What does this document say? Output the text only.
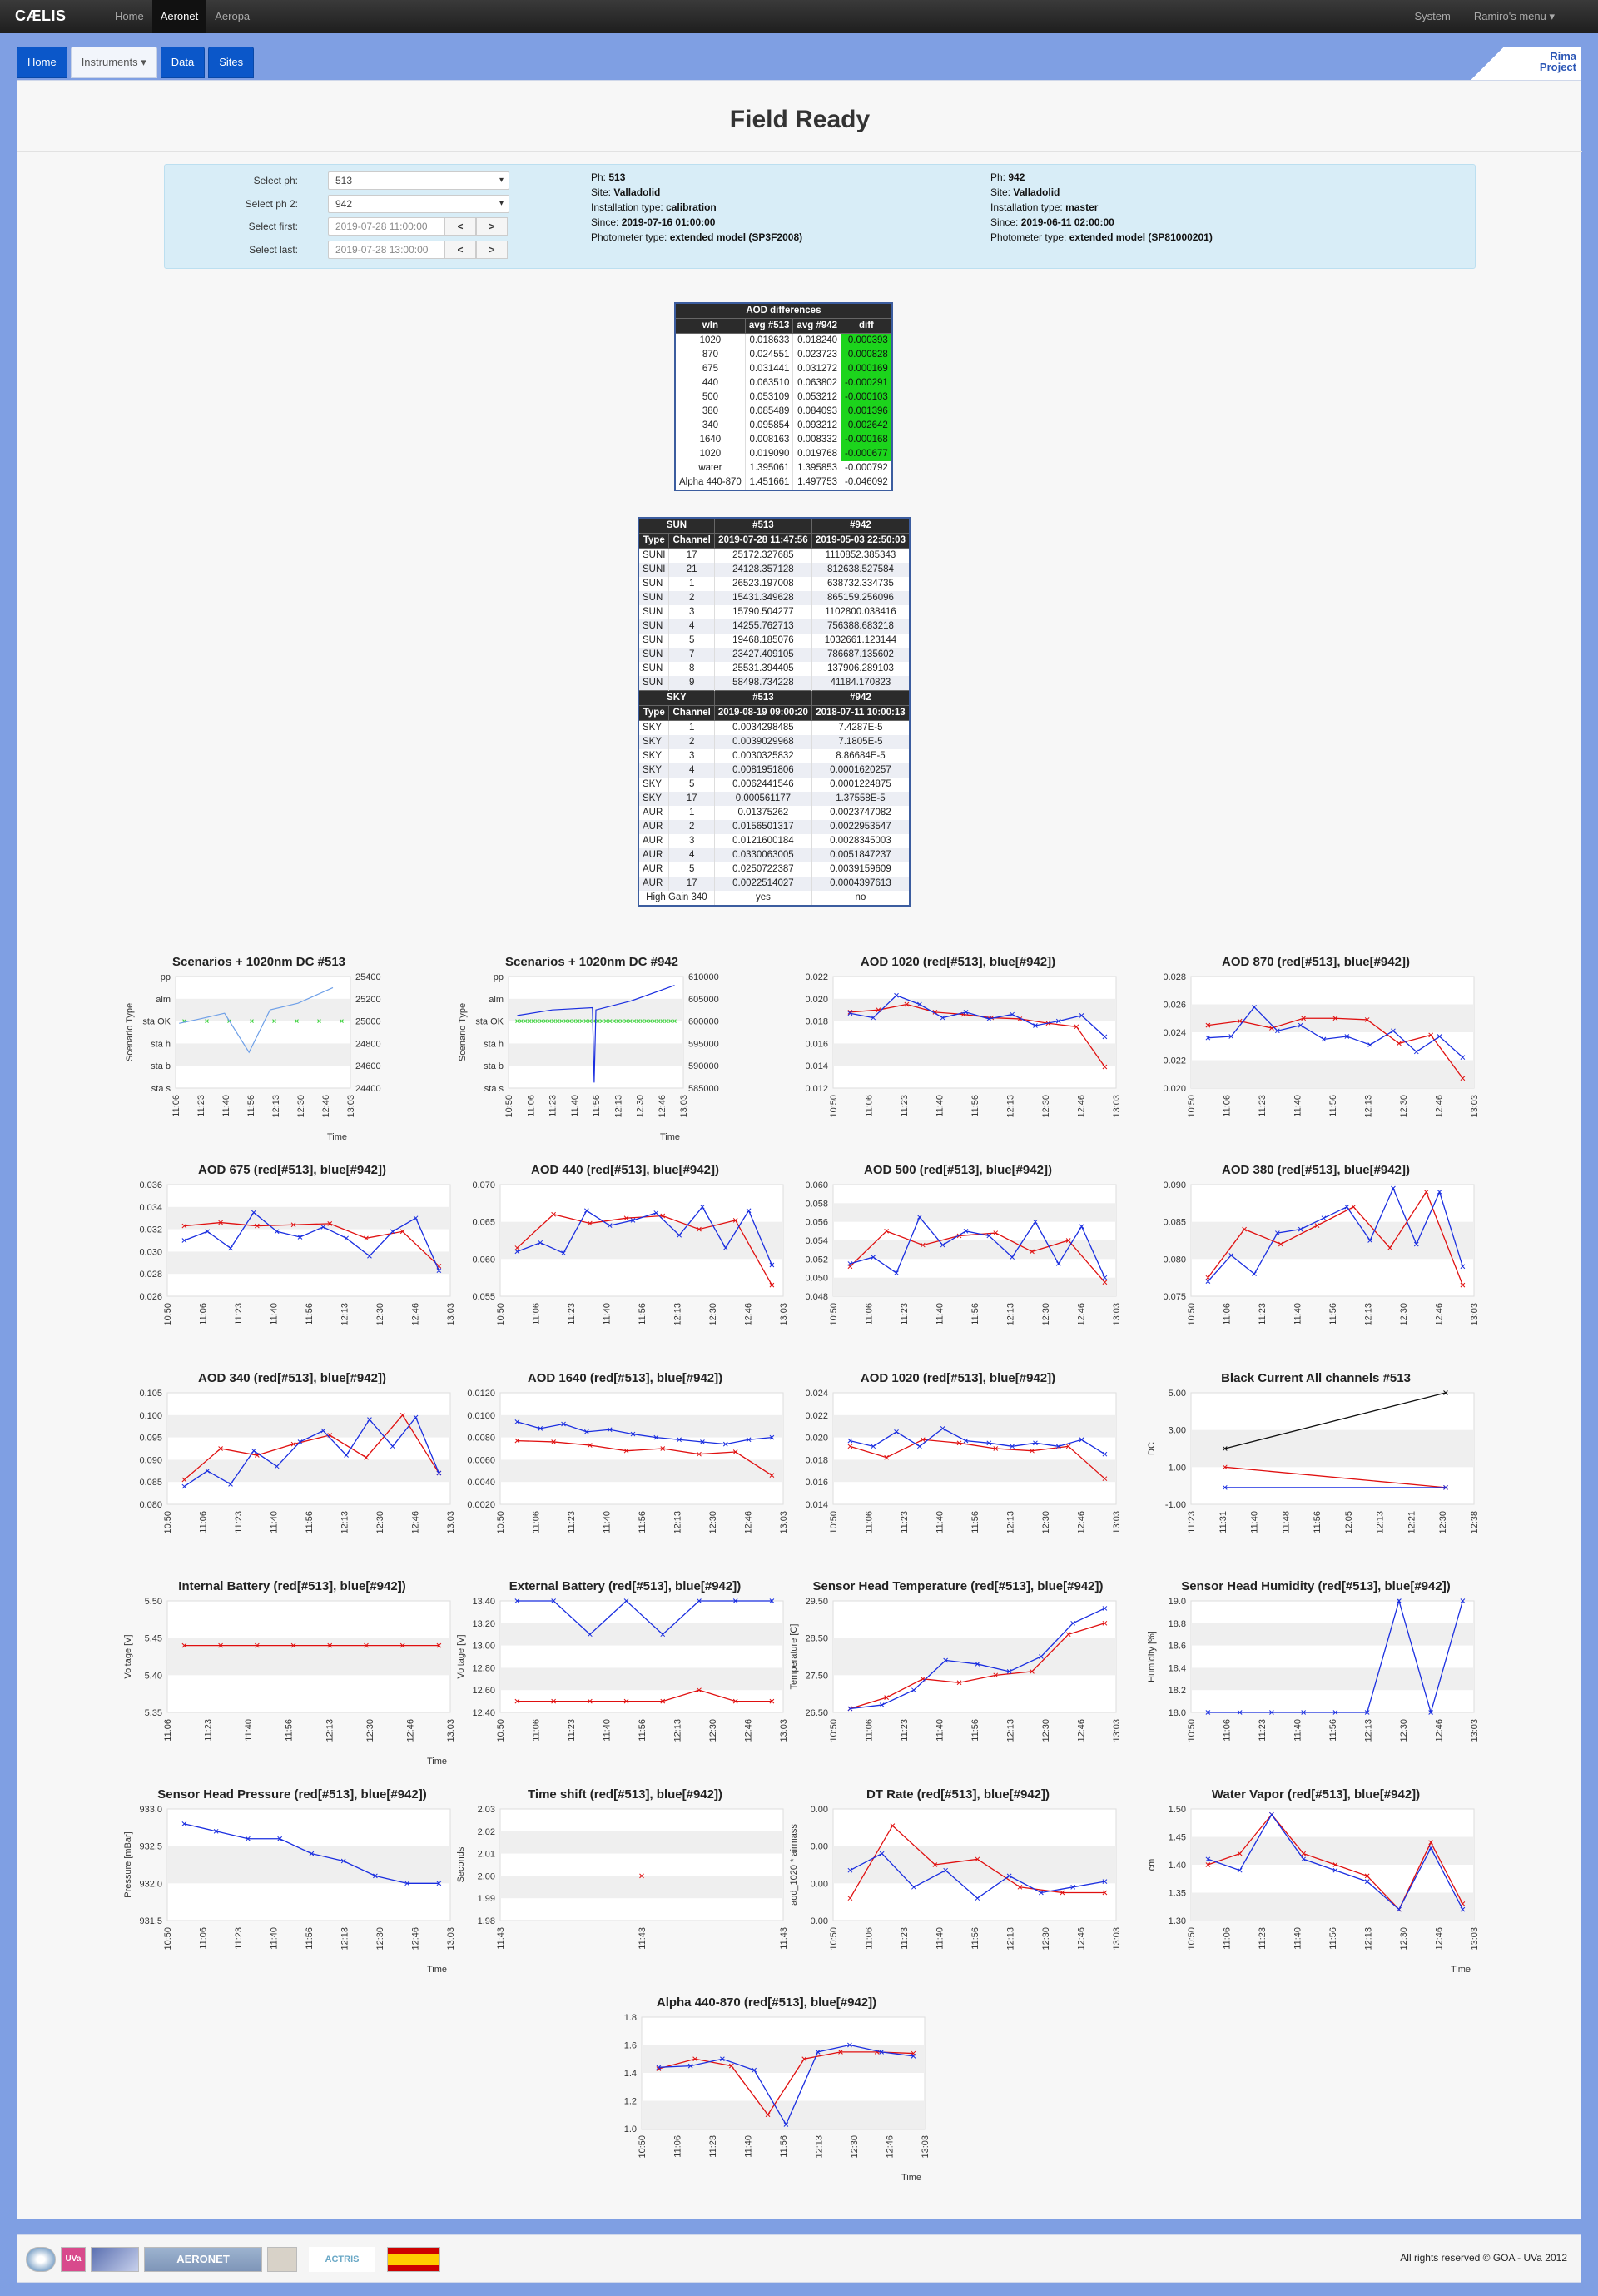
CÆLIS	Home	Aeronet	Aeropa	System	Ramiro's menu ▾
Home	Instruments ▾	Data	Sites	Rima
Project
Field Ready
Select ph:	513 ▾
Select ph 2:	942 ▾
Select first:	2019-07-28 11:00:00	<	>
Select last:	2019-07-28 13:00:00	<	>
Ph: 513
Site: Valladolid
Installation type: calibration
Since: 2019-07-16 01:00:00
Photometer type: extended model (SP3F2008)
Ph: 942
Site: Valladolid
Installation type: master
Since: 2019-06-11 02:00:00
Photometer type: extended model (SP81000201)
AOD differences			
wln	avg #513	avg #942	diff
1020	0.018633	0.018240	0.000393
870	0.024551	0.023723	0.000828
675	0.031441	0.031272	0.000169
440	0.063510	0.063802	-0.000291
500	0.053109	0.053212	-0.000103
380	0.085489	0.084093	0.001396
340	0.095854	0.093212	0.002642
1640	0.008163	0.008332	-0.000168
1020	0.019090	0.019768	-0.000677
water	1.395061	1.395853	-0.000792
Alpha 440-870	1.451661	1.497753	-0.046092
SUN		#513	#942
Type	Channel	2019-07-28 11:47:56	2019-05-03 22:50:03
SUNI	17	25172.327685	1110852.385343
SUNI	21	24128.357128	812638.527584
SUN	1	26523.197008	638732.334735
SUN	2	15431.349628	865159.256096
SUN	3	15790.504277	1102800.038416
SUN	4	14255.762713	756388.683218
SUN	5	19468.185076	1032661.123144
SUN	7	23427.409105	786687.135602
SUN	8	25531.394405	137906.289103
SUN	9	58498.734228	41184.170823
SKY		#513	#942
Type	Channel	2019-08-19 09:00:20	2018-07-11 10:00:13
SKY	1	0.0034298485	7.4287E-5
SKY	2	0.0039029968	7.1805E-5
SKY	3	0.0030325832	8.86684E-5
SKY	4	0.0081951806	0.0001620257
SKY	5	0.0062441546	0.0001224875
SKY	17	0.000561177	1.37558E-5
AUR	1	0.01375262	0.0023747082
AUR	2	0.0156501317	0.0022953547
AUR	3	0.0121600184	0.0028345003
AUR	4	0.0330063005	0.0051847237
AUR	5	0.0250722387	0.0039159609
AUR	17	0.0022514027	0.0004397613
High Gain 340		yes	no
Scenarios + 1020nm DC #513
pp
alm
sta OK
sta h
sta b
sta s
25400
25200
25000
24800
24600
24400
11:06 11:23 11:40 11:56 12:13 12:30 12:46 13:03
Scenario Type
Time
Scenarios + 1020nm DC #942
pp
alm
sta OK
sta h
sta b
sta s
610000
605000
600000
595000
590000
585000
10:50 11:06 11:23 11:40 11:56 12:13 12:30 12:46 13:03
Scenario Type
Time
AOD 1020 (red[#513], blue[#942])
0.022
0.020
0.018
0.016
0.014
0.012
10:50	11:06	11:23	11:40	11:56	12:13	12:30	12:46	13:03
AOD 870 (red[#513], blue[#942])
0.028
0.026
0.024
0.022
0.020
10:50	11:06	11:23	11:40	11:56	12:13	12:30	12:46	13:03
AOD 675 (red[#513], blue[#942])
0.036
0.034
0.032
0.030
0.028
0.026
10:50	11:06	11:23	11:40	11:56	12:13	12:30	12:46	13:03
AOD 440 (red[#513], blue[#942])
0.070
0.065
0.060
0.055
10:50	11:06	11:23	11:40	11:56	12:13	12:30	12:46	13:03
AOD 500 (red[#513], blue[#942])
0.060
0.058
0.056
0.054
0.052
0.050
0.048
10:50	11:06	11:23	11:40	11:56	12:13	12:30	12:46	13:03
AOD 380 (red[#513], blue[#942])
0.090
0.085
0.080
0.075
10:50	11:06	11:23	11:40	11:56	12:13	12:30	12:46	13:03
AOD 340 (red[#513], blue[#942])
0.105
0.100
0.095
0.090
0.085
0.080
10:50	11:06	11:23	11:40	11:56	12:13	12:30	12:46	13:03
AOD 1640 (red[#513], blue[#942])
0.0120
0.0100
0.0080
0.0060
0.0040
0.0020
10:50	11:06	11:23	11:40	11:56	12:13	12:30	12:46	13:03
AOD 1020 (red[#513], blue[#942])
0.024
0.022
0.020
0.018
0.016
0.014
10:50	11:06	11:23	11:40	11:56	12:13	12:30	12:46	13:03
Black Current All channels #513
5.00
3.00
1.00
-1.00
11:23 11:31 11:40 11:48 11:56 12:05 12:13 12:21 12:30 12:38
DC
Internal Battery (red[#513], blue[#942])
5.50
5.45
5.40
5.35
11:06	11:23	11:40	11:56	12:13	12:30	12:46	13:03
Voltage [V]
Time
External Battery (red[#513], blue[#942])
13.40
13.20
13.00
12.80
12.60
12.40
10:50	11:06	11:23	11:40	11:56	12:13	12:30	12:46	13:03
Voltage [V]
Sensor Head Temperature (red[#513], blue[#942])
29.50
28.50
27.50
26.50
10:50	11:06	11:23	11:40	11:56	12:13	12:30	12:46	13:03
Temperature [C]
Sensor Head Humidity (red[#513], blue[#942])
19.0
18.8
18.6
18.4
18.2
18.0
10:50	11:06	11:23	11:40	11:56	12:13	12:30	12:46	13:03
Humidity [%]
Sensor Head Pressure (red[#513], blue[#942])
933.0
932.5
932.0
931.5
10:50	11:06	11:23	11:40	11:56	12:13	12:30	12:46	13:03
Pressure [mBar]
Time
Time shift (red[#513], blue[#942])
2.03
2.02
2.01
2.00
1.99
1.98
11:43	11:43	11:43
Seconds
DT Rate (red[#513], blue[#942])
0.00
0.00
0.00
0.00
10:50	11:06	11:23	11:40	11:56	12:13	12:30	12:46	13:03
aod_1020 * airmass
Water Vapor (red[#513], blue[#942])
1.50
1.45
1.40
1.35
1.30
10:50	11:06	11:23	11:40	11:56	12:13	12:30	12:46	13:03
cm
Time
Alpha 440-870 (red[#513], blue[#942])
1.8
1.6
1.4
1.2
1.0
10:50	11:06	11:23	11:40	11:56	12:13	12:30	12:46	13:03
Time
UVa	AERONET	ACTRIS	All rights reserved © GOA - UVa 2012
